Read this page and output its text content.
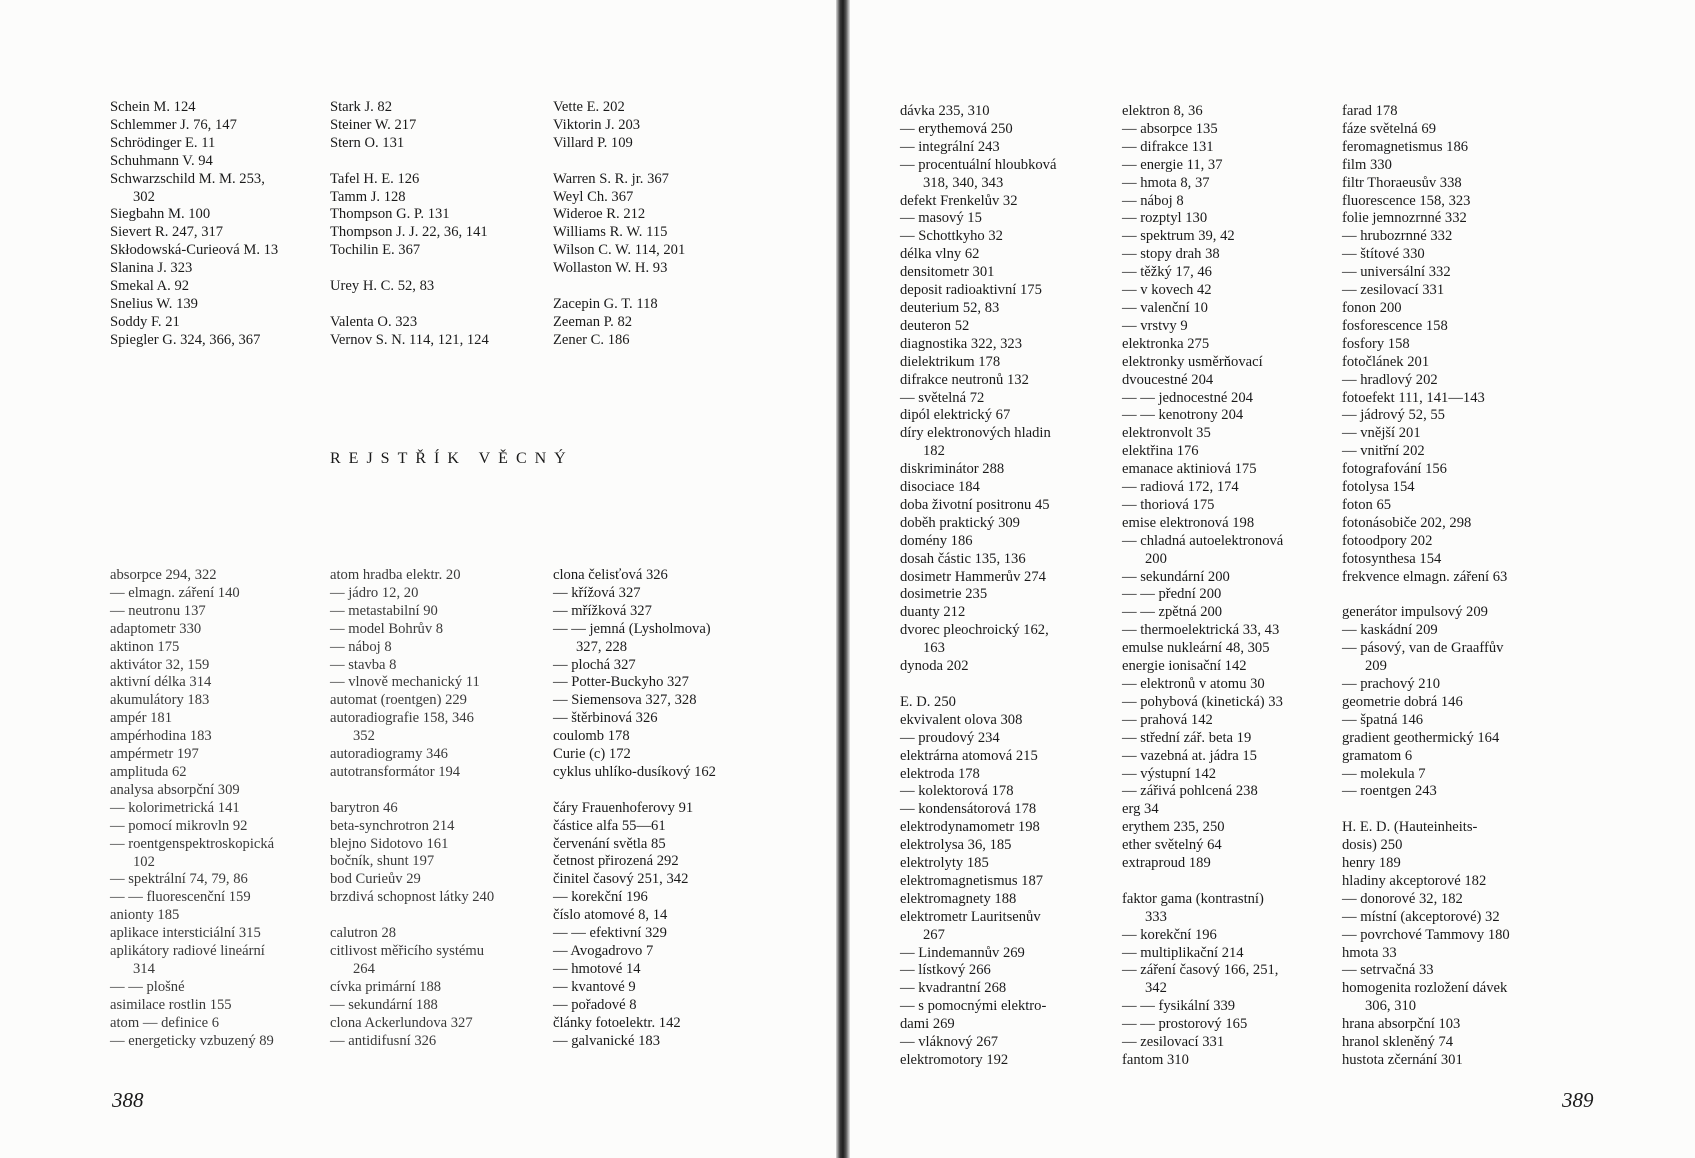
Schein M. 124
Schlemmer J. 76, 147
Schrödinger E. 11
Schuhmann V. 94
Schwarzschild M. M. 253,
302
Siegbahn M. 100
Sievert R. 247, 317
Skłodowská-Curieová M. 13
Slanina J. 323
Smekal A. 92
Snelius W. 139
Soddy F. 21
Spiegler G. 324, 366, 367
Stark J. 82
Steiner W. 217
Stern O. 131
Tafel H. E. 126
Tamm J. 128
Thompson G. P. 131
Thompson J. J. 22, 36, 141
Tochilin E. 367
Urey H. C. 52, 83
Valenta O. 323
Vernov S. N. 114, 121, 124
Vette E. 202
Viktorin J. 203
Villard P. 109
Warren S. R. jr. 367
Weyl Ch. 367
Wideroe R. 212
Williams R. W. 115
Wilson C. W. 114, 201
Wollaston W. H. 93
Zacepin G. T. 118
Zeeman P. 82
Zener C. 186
REJSTŘÍK VĚCNÝ
absorpce 294, 322
— elmagn. záření 140
— neutronu 137
adaptometr 330
aktinon 175
aktivátor 32, 159
aktivní délka 314
akumulátory 183
ampér 181
ampérhodina 183
ampérmetr 197
amplituda 62
analysa absorpční 309
— kolorimetrická 141
— pomocí mikrovln 92
— roentgenspektroskopická
102
— spektrální 74, 79, 86
— — fluorescenční 159
anionty 185
aplikace intersticiální 315
aplikátory radiové lineární
314
— — plošné
asimilace rostlin 155
atom — definice 6
— energeticky vzbuzený 89
atom hradba elektr. 20
— jádro 12, 20
— metastabilní 90
— model Bohrův 8
— náboj 8
— stavba 8
— vlnově mechanický 11
automat (roentgen) 229
autoradiografie 158, 346
352
autoradiogramy 346
autotransformátor 194
barytron 46
beta-synchrotron 214
blejno Sidotovo 161
bočník, shunt 197
bod Curieův 29
brzdivá schopnost látky 240
calutron 28
citlivost měřicího systému
264
cívka primární 188
— sekundární 188
clona Ackerlundova 327
— antidifusní 326
clona čelisťová 326
— křížová 327
— mřížková 327
— — jemná (Lysholmova)
327, 228
— plochá 327
— Potter-Buckyho 327
— Siemensova 327, 328
— štěrbinová 326
coulomb 178
Curie (c) 172
cyklus uhlíko-dusíkový 162
čáry Frauenhoferovy 91
částice alfa 55—61
červenání světla 85
četnost přirozená 292
činitel časový 251, 342
— korekční 196
číslo atomové 8, 14
— — efektivní 329
— Avogadrovo 7
— hmotové 14
— kvantové 9
— pořadové 8
články fotoelektr. 142
— galvanické 183
388
dávka 235, 310
— erythemová 250
— integrální 243
— procentuální hloubková
318, 340, 343
defekt Frenkelův 32
— masový 15
— Schottkyho 32
délka vlny 62
densitometr 301
deposit radioaktivní 175
deuterium 52, 83
deuteron 52
diagnostika 322, 323
dielektrikum 178
difrakce neutronů 132
— světelná 72
dipól elektrický 67
díry elektronových hladin
182
diskriminátor 288
disociace 184
doba životní positronu 45
doběh praktický 309
domény 186
dosah částic 135, 136
dosimetr Hammerův 274
dosimetrie 235
duanty 212
dvorec pleochroický 162,
163
dynoda 202
E. D. 250
ekvivalent olova 308
— proudový 234
elektrárna atomová 215
elektroda 178
— kolektorová 178
— kondensátorová 178
elektrodynamometr 198
elektrolysa 36, 185
elektrolyty 185
elektromagnetismus 187
elektromagnety 188
elektrometr Lauritsenův
267
— Lindemannův 269
— lístkový 266
— kvadrantní 268
— s pomocnými elektro-
dami 269
— vláknový 267
elektromotory 192
elektron 8, 36
— absorpce 135
— difrakce 131
— energie 11, 37
— hmota 8, 37
— náboj 8
— rozptyl 130
— spektrum 39, 42
— stopy drah 38
— těžký 17, 46
— v kovech 42
— valenční 10
— vrstvy 9
elektronka 275
elektronky usměrňovací
dvoucestné 204
— — jednocestné 204
— — kenotrony 204
elektronvolt 35
elektřina 176
emanace aktiniová 175
— radiová 172, 174
— thoriová 175
emise elektronová 198
— chladná autoelektronová
200
— sekundární 200
— — přední 200
— — zpětná 200
— thermoelektrická 33, 43
emulse nukleární 48, 305
energie ionisační 142
— elektronů v atomu 30
— pohybová (kinetická) 33
— prahová 142
— střední zář. beta 19
— vazebná at. jádra 15
— výstupní 142
— zářivá pohlcená 238
erg 34
erythem 235, 250
ether světelný 64
extraproud 189
faktor gama (kontrastní)
333
— korekční 196
— multiplikační 214
— záření časový 166, 251,
342
— — fysikální 339
— — prostorový 165
— zesilovací 331
fantom 310
farad 178
fáze světelná 69
feromagnetismus 186
film 330
filtr Thoraeusův 338
fluorescence 158, 323
folie jemnozrnné 332
— hrubozrnné 332
— štítové 330
— universální 332
— zesilovací 331
fonon 200
fosforescence 158
fosfory 158
fotočlánek 201
— hradlový 202
fotoefekt 111, 141—143
— jádrový 52, 55
— vnější 201
— vnitřní 202
fotografování 156
fotolysa 154
foton 65
fotonásobiče 202, 298
fotoodpory 202
fotosynthesa 154
frekvence elmagn. záření 63
generátor impulsový 209
— kaskádní 209
— pásový, van de Graaffův
209
— prachový 210
geometrie dobrá 146
— špatná 146
gradient geothermický 164
gramatom 6
— molekula 7
— roentgen 243
H. E. D. (Hauteinheits-
dosis) 250
henry 189
hladiny akceptorové 182
— donorové 32, 182
— místní (akceptorové) 32
— povrchové Tammovy 180
hmota 33
— setrvačná 33
homogenita rozložení dávek
306, 310
hrana absorpční 103
hranol skleněný 74
hustota zčernání 301
389
